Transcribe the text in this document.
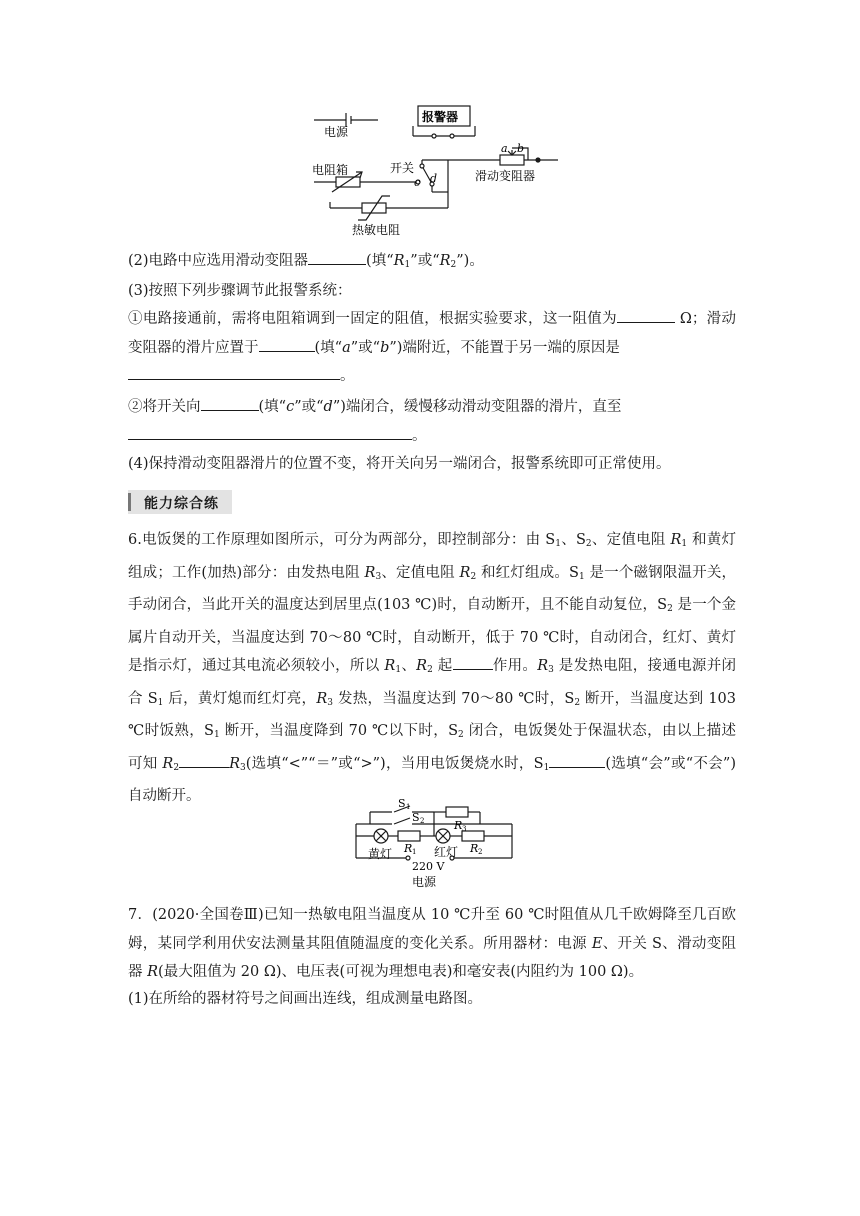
电源
报警器
开关
电阻箱	滑动变阻器
热敏电阻
a b
c d
(2)电路中应选用滑动变阻器	(填“$R_1$”或“$R_2$”)。
(3)按照下列步骤调节此报警系统：
①电路接通前，需将电阻箱调到一固定的阻值，根据实验要求，这一阻值为	Ω；滑动变阻器的滑片应置于	(填“a”或“b”)端附近，不能置于另一端的原因是
。
②将开关向	(填“c”或“d”)端闭合，缓慢移动滑动变阻器的滑片，直至
。
(4)保持滑动变阻器滑片的位置不变，将开关向另一端闭合，报警系统即可正常使用。
能力综合练
6.电饭煲的工作原理如图所示，可分为两部分，即控制部分：由 $S_1$、$S_2$、定值电阻 $R_1$ 和黄灯组成；工作(加热)部分：由发热电阻 $R_3$、定值电阻 $R_2$ 和红灯组成。$S_1$ 是一个磁钢限温开关，手动闭合，当此开关的温度达到居里点(103 ℃)时，自动断开，且不能自动复位，$S_2$ 是一个金属片自动开关，当温度达到 70～80 ℃时，自动断开，低于 70 ℃时，自动闭合，红灯、黄灯是指示灯，通过其电流必须较小，所以 $R_1$、$R_2$ 起	作用。$R_3$ 是发热电阻，接通电源并闭合 $S_1$ 后，黄灯熄而红灯亮，$R_3$ 发热，当温度达到 70～80 ℃时，$S_2$ 断开，当温度达到 103 ℃时饭熟，$S_1$ 断开，当温度降到 70 ℃以下时，$S_2$ 闭合，电饭煲处于保温状态，由以上描述可知 $R_2$	$R_3$(选填“<”“＝”或“>”)，当用电饭煲烧水时，$S_1$	(选填“会”或“不会”)自动断开。	S 1
S 2	R 3
R 1	R 2
黄灯	红灯
220 V
电源
7．(2020·全国卷Ⅲ)已知一热敏电阻当温度从 10 ℃升至 60 ℃时阻值从几千欧姆降至几百欧姆，某同学利用伏安法测量其阻值随温度的变化关系。所用器材：电源 E、开关 S、滑动变阻器 R(最大阻值为 20 Ω)、电压表(可视为理想电表)和毫安表(内阻约为 100 Ω)。
(1)在所给的器材符号之间画出连线，组成测量电路图。
